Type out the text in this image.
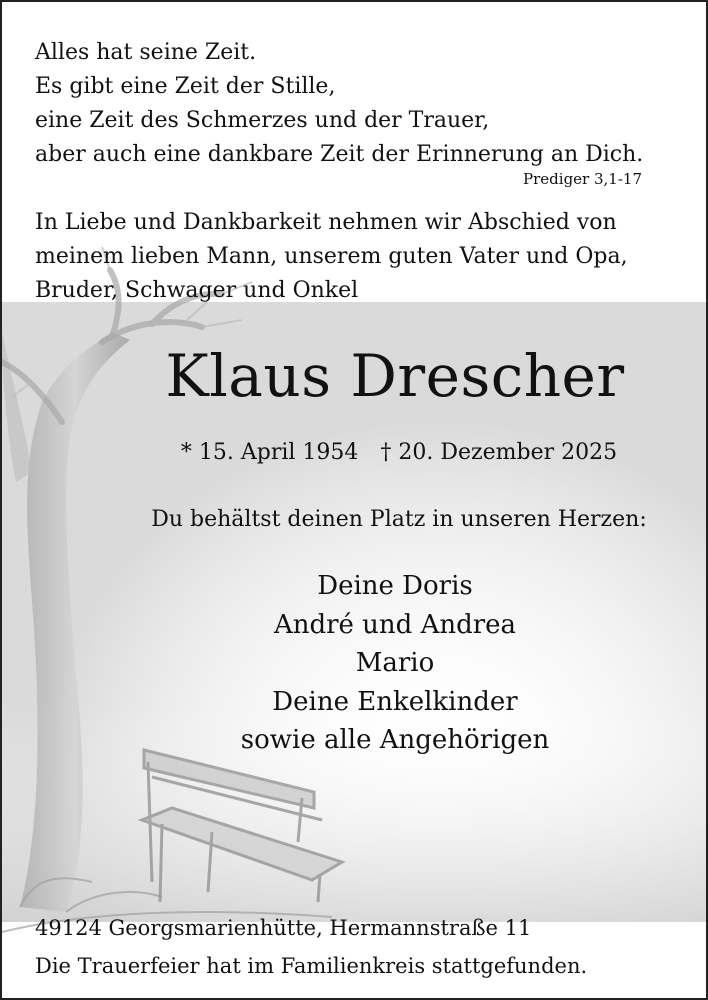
Alles hat seine Zeit.
Es gibt eine Zeit der Stille,
eine Zeit des Schmerzes und der Trauer,
aber auch eine dankbare Zeit der Erinnerung an Dich.
Prediger 3,1-17
In Liebe und Dankbarkeit nehmen wir Abschied von
meinem lieben Mann, unserem guten Vater und Opa,
Bruder, Schwager und Onkel
Klaus Drescher
* 15. April 1954 † 20. Dezember 2025
Du behältst deinen Platz in unseren Herzen:
Deine Doris
André und Andrea
Mario
Deine Enkelkinder
sowie alle Angehörigen
49124 Georgsmarienhütte, Hermannstraße 11
Die Trauerfeier hat im Familienkreis stattgefunden.
